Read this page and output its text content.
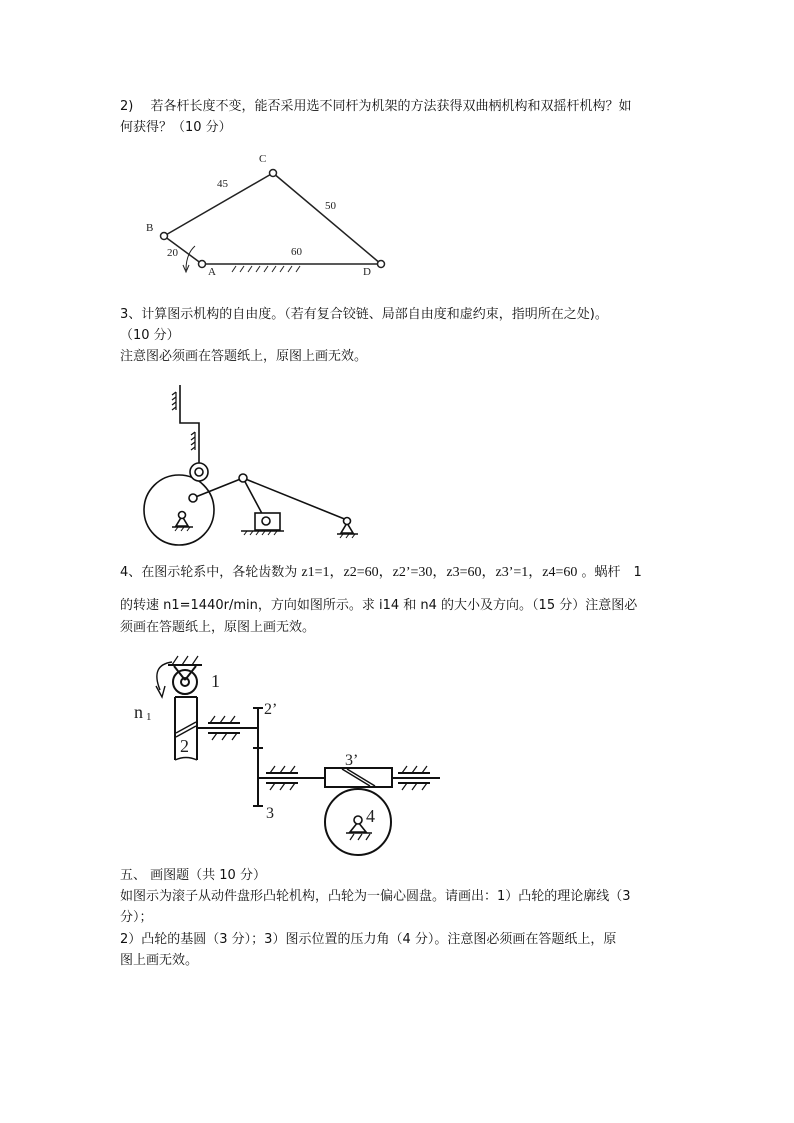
2)　 若各杆长度不变，能否采用选不同杆为机架的方法获得双曲柄机构和双摇杆机构？如
何获得？（10 分）
C
B
A	D
45
50
20	60
1
2’
n 1
2
3’
3	4
3、计算图示机构的自由度。（若有复合铰链、局部自由度和虚约束，指明所在之处)。
（10 分）
注意图必须画在答题纸上，原图上画无效。
4、在图示轮系中，各轮齿数为 z1=1，z2=60，z2’=30，z3=60，z3’=1，z4=60 。蜗杆　1
的转速 n1=1440r/min，方向如图所示。求 i14 和 n4 的大小及方向。（15 分）注意图必
须画在答题纸上，原图上画无效。
五、 画图题（共 10 分）
如图示为滚子从动件盘形凸轮机构，凸轮为一偏心圆盘。请画出：1）凸轮的理论廓线（3
分）；
2）凸轮的基圆（3 分）；3）图示位置的压力角（4 分）。注意图必须画在答题纸上，原
图上画无效。
